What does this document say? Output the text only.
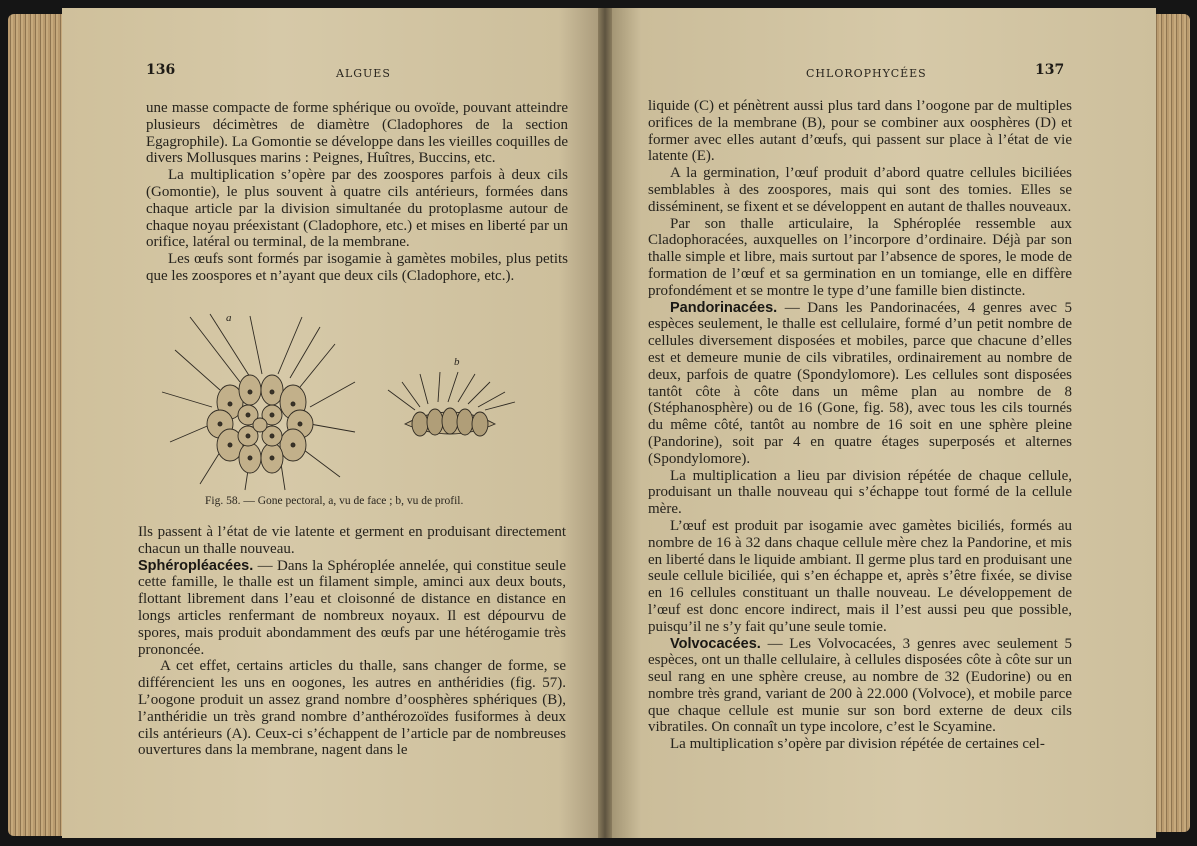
136	ALGUES

une masse compacte de forme sphérique ou ovoïde, pouvant atteindre plusieurs décimètres de diamètre (Cladophores de la section Egagrophile). La Gomontie se développe dans les vieilles coquilles de divers Mollusques marins : Peignes, Huîtres, Buccins, etc.

La multiplication s’opère par des zoospores parfois à deux cils (Gomontie), le plus souvent à quatre cils antérieurs, formées dans chaque article par la division simultanée du protoplasme autour de chaque noyau préexistant (Cladophore, etc.) et mises en liberté par un orifice, latéral ou terminal, de la membrane.

Les œufs sont formés par isogamie à gamètes mobiles, plus petits que les zoospores et n’ayant que deux cils (Cladophore, etc.).

a
b
Fig. 58. — Gone pectoral, a, vu de face ; b, vu de profil.

Ils passent à l’état de vie latente et germent en produisant directement chacun un thalle nouveau.

Sphéropléacées. — Dans la Sphéroplée annelée, qui constitue seule cette famille, le thalle est un filament simple, aminci aux deux bouts, flottant librement dans l’eau et cloisonné de distance en distance en longs articles renfermant de nombreux noyaux. Il est dépourvu de spores, mais produit abondamment des œufs par une hétérogamie très prononcée.

A cet effet, certains articles du thalle, sans changer de forme, se différencient les uns en oogones, les autres en anthéridies (fig. 57). L’oogone produit un assez grand nombre d’oosphères sphériques (B), l’anthéridie un très grand nombre d’anthérozoïdes fusiformes à deux cils antérieurs (A). Ceux-ci s’échappent de l’article par de nombreuses ouvertures dans la membrane, nagent dans le

CHLOROPHYCÉES	137

liquide (C) et pénètrent aussi plus tard dans l’oogone par de multiples orifices de la membrane (B), pour se combiner aux oosphères (D) et former avec elles autant d’œufs, qui passent sur place à l’état de vie latente (E).

A la germination, l’œuf produit d’abord quatre cellules biciliées semblables à des zoospores, mais qui sont des tomies. Elles se disséminent, se fixent et se développent en autant de thalles nouveaux.

Par son thalle articulaire, la Sphéroplée ressemble aux Cladophoracées, auxquelles on l’incorpore d’ordinaire. Déjà par son thalle simple et libre, mais surtout par l’absence de spores, le mode de formation de l’œuf et sa germination en un tomiange, elle en diffère profondément et se montre le type d’une famille bien distincte.

Pandorinacées. — Dans les Pandorinacées, 4 genres avec 5 espèces seulement, le thalle est cellulaire, formé d’un petit nombre de cellules diversement disposées et mobiles, parce que chacune d’elles est et demeure munie de cils vibratiles, ordinairement au nombre de deux, parfois de quatre (Spondylomore). Les cellules sont disposées tantôt côte à côte dans un même plan au nombre de 8 (Stéphanosphère) ou de 16 (Gone, fig. 58), avec tous les cils tournés du même côté, tantôt au nombre de 16 soit en une sphère pleine (Pandorine), soit par 4 en quatre étages superposés et alternes (Spondylomore).

La multiplication a lieu par division répétée de chaque cellule, produisant un thalle nouveau qui s’échappe tout formé de la cellule mère.

L’œuf est produit par isogamie avec gamètes biciliés, formés au nombre de 16 à 32 dans chaque cellule mère chez la Pandorine, et mis en liberté dans le liquide ambiant. Il germe plus tard en produisant une seule cellule biciliée, qui s’en échappe et, après s’être fixée, se divise en 16 cellules constituant un thalle nouveau. Le développement de l’œuf est donc encore indirect, mais il l’est aussi peu que possible, puisqu’il ne s’y fait qu’une seule tomie.

Volvocacées. — Les Volvocacées, 3 genres avec seulement 5 espèces, ont un thalle cellulaire, à cellules disposées côte à côte sur un seul rang en une sphère creuse, au nombre de 32 (Eudorine) ou en nombre très grand, variant de 200 à 22.000 (Volvoce), et mobile parce que chaque cellule est munie sur son bord externe de deux cils vibratiles. On connaît un type incolore, c’est le Scyamine.

La multiplication s’opère par division répétée de certaines cel-
